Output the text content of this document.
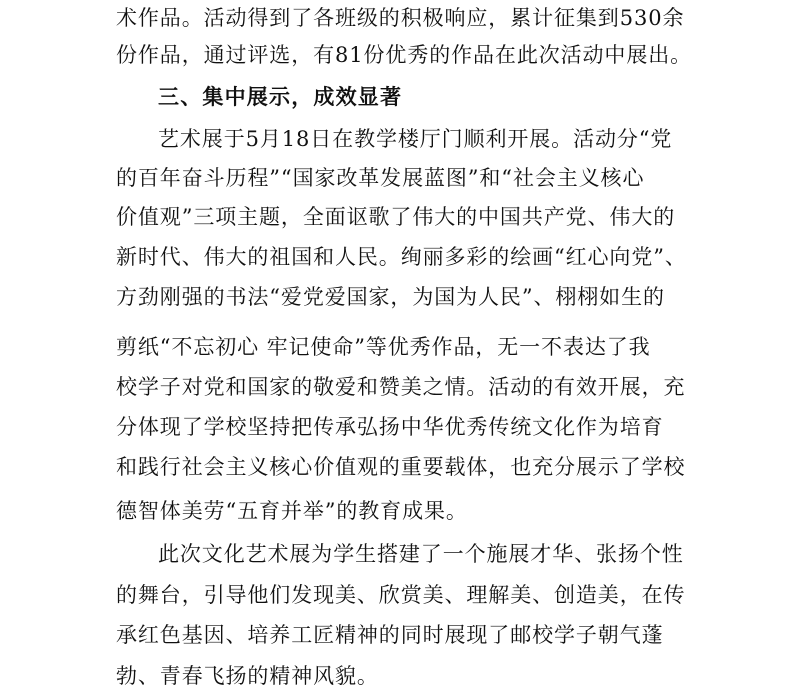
术作品。活动得到了各班级的积极响应，累计征集到530余
份作品，通过评选，有81份优秀的作品在此次活动中展出。
三、集中展示，成效显著
艺术展于5月18日在教学楼厅门顺利开展。活动分“党
的百年奋斗历程”“国家改革发展蓝图”和“社会主义核心
价值观”三项主题，全面讴歌了伟大的中国共产党、伟大的
新时代、伟大的祖国和人民。绚丽多彩的绘画“红心向党”、
方劲刚强的书法“爱党爱国家，为国为人民”、栩栩如生的
剪纸“不忘初心 牢记使命”等优秀作品，无一不表达了我
校学子对党和国家的敬爱和赞美之情。活动的有效开展，充
分体现了学校坚持把传承弘扬中华优秀传统文化作为培育
和践行社会主义核心价值观的重要载体，也充分展示了学校
德智体美劳“五育并举”的教育成果。
此次文化艺术展为学生搭建了一个施展才华、张扬个性
的舞台，引导他们发现美、欣赏美、理解美、创造美，在传
承红色基因、培养工匠精神的同时展现了邮校学子朝气蓬
勃、青春飞扬的精神风貌。
